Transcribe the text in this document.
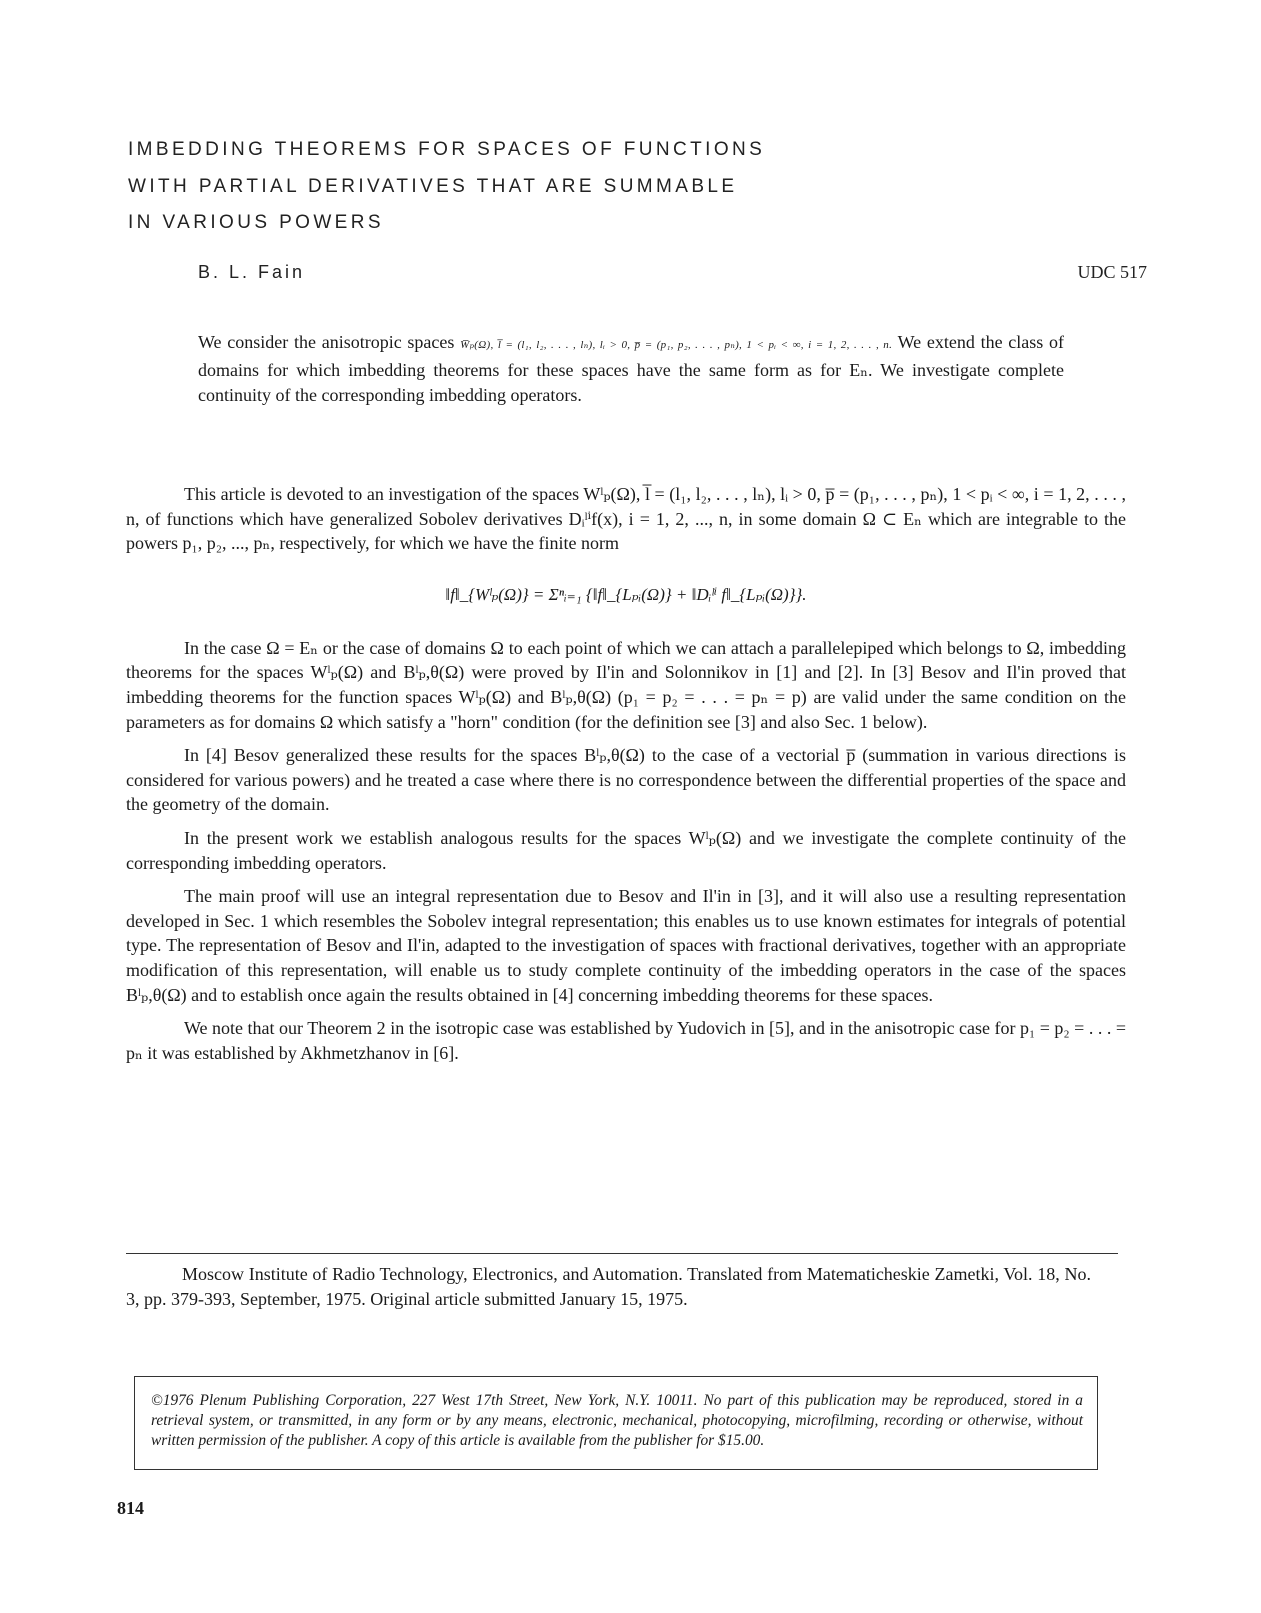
IMBEDDING THEOREMS FOR SPACES OF FUNCTIONS
WITH PARTIAL DERIVATIVES THAT ARE SUMMABLE
IN VARIOUS POWERS
B. L. Fain	UDC 517

We consider the anisotropic spaces W̅ₚ(Ω), l̅ = (l₁, l₂, . . . , lₙ), lᵢ > 0, p̅ = (p₁, p₂, . . . , pₙ), 1 < pᵢ < ∞, i = 1, 2, . . . , n. We extend the class of domains for which imbedding theorems for these spaces have the same form as for Eₙ. We investigate complete continuity of the corresponding imbedding operators.

This article is devoted to an investigation of the spaces Wˡₚ(Ω), l̅ = (l₁, l₂, . . . , lₙ), lᵢ > 0, p̅ = (p₁, . . . , pₙ), 1 < pᵢ < ∞, i = 1, 2, . . . , n, of functions which have generalized Sobolev derivatives Dᵢˡⁱf(x), i = 1, 2, ..., n, in some domain Ω ⊂ Eₙ which are integrable to the powers p₁, p₂, ..., pₙ, respectively, for which we have the finite norm

‖f‖_{Wˡₚ(Ω)} = Σⁿᵢ₌₁ {‖f‖_{Lₚᵢ(Ω)} + ‖Dᵢˡⁱ f‖_{Lₚᵢ(Ω)}}.

In the case Ω = Eₙ or the case of domains Ω to each point of which we can attach a parallelepiped which belongs to Ω, imbedding theorems for the spaces Wˡₚ(Ω) and Bˡₚ,θ(Ω) were proved by Il'in and Solonnikov in [1] and [2]. In [3] Besov and Il'in proved that imbedding theorems for the function spaces Wˡₚ(Ω) and Bˡₚ,θ(Ω) (p₁ = p₂ = . . . = pₙ = p) are valid under the same condition on the parameters as for domains Ω which satisfy a "horn" condition (for the definition see [3] and also Sec. 1 below).

In [4] Besov generalized these results for the spaces Bˡₚ,θ(Ω) to the case of a vectorial p̅ (summation in various directions is considered for various powers) and he treated a case where there is no correspondence between the differential properties of the space and the geometry of the domain.

In the present work we establish analogous results for the spaces Wˡₚ(Ω) and we investigate the complete continuity of the corresponding imbedding operators.

The main proof will use an integral representation due to Besov and Il'in in [3], and it will also use a resulting representation developed in Sec. 1 which resembles the Sobolev integral representation; this enables us to use known estimates for integrals of potential type. The representation of Besov and Il'in, adapted to the investigation of spaces with fractional derivatives, together with an appropriate modification of this representation, will enable us to study complete continuity of the imbedding operators in the case of the spaces Bˡₚ,θ(Ω) and to establish once again the results obtained in [4] concerning imbedding theorems for these spaces.

We note that our Theorem 2 in the isotropic case was established by Yudovich in [5], and in the anisotropic case for p₁ = p₂ = . . . = pₙ it was established by Akhmetzhanov in [6].

Moscow Institute of Radio Technology, Electronics, and Automation. Translated from Matematicheskie Zametki, Vol. 18, No. 3, pp. 379-393, September, 1975. Original article submitted January 15, 1975.
©1976 Plenum Publishing Corporation, 227 West 17th Street, New York, N.Y. 10011. No part of this publication may be reproduced, stored in a retrieval system, or transmitted, in any form or by any means, electronic, mechanical, photocopying, microfilming, recording or otherwise, without written permission of the publisher. A copy of this article is available from the publisher for $15.00.
814
